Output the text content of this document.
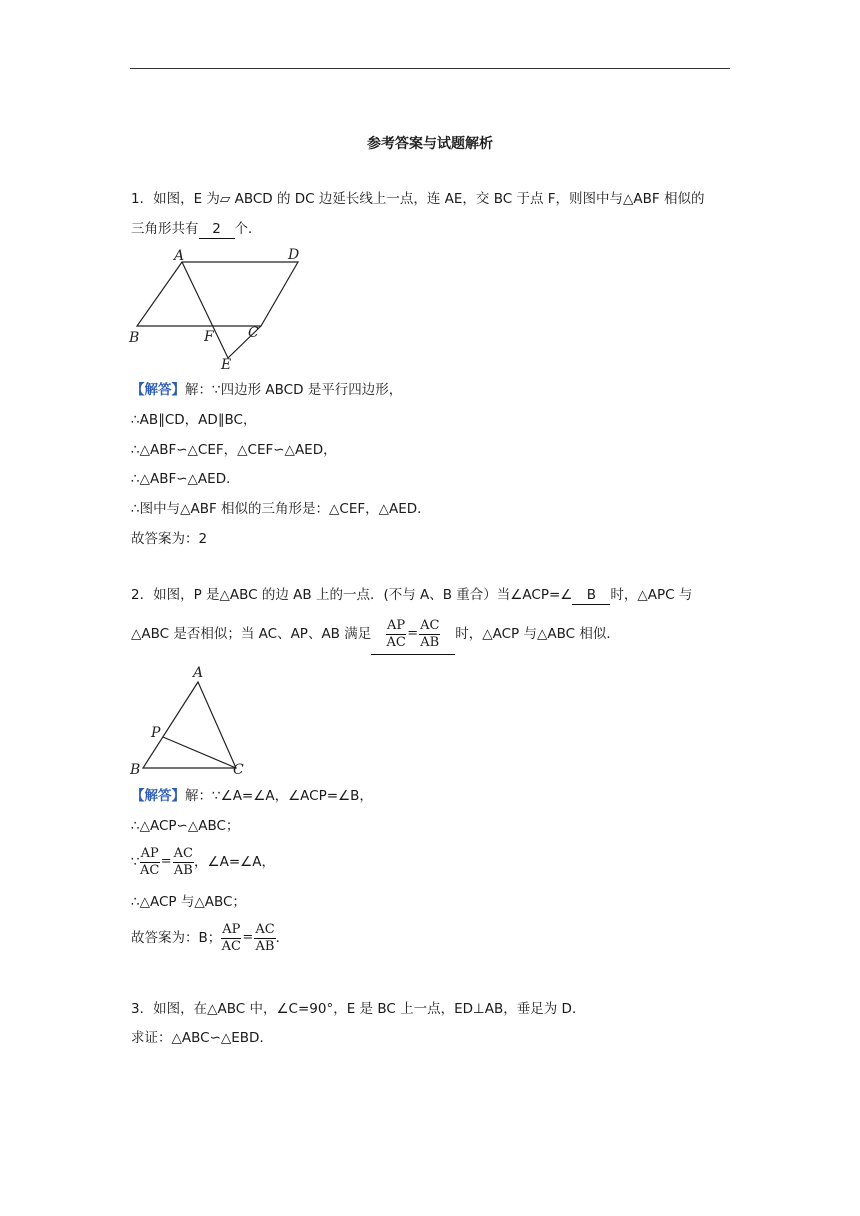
参考答案与试题解析
1．如图，E 为▱ ABCD 的 DC 边延长线上一点，连 AE，交 BC 于点 F，则图中与△ABF 相似的
三角形共有 2 个．
A	D
B	F C
E
【解答】解：∵四边形 ABCD 是平行四边形，
∴AB∥CD，AD∥BC，
∴△ABF∽△CEF，△CEF∽△AED，
∴△ABF∽△AED．
∴图中与△ABF 相似的三角形是：△CEF，△AED．
故答案为：2
2．如图，P 是△ABC 的边 AB 上的一点．(不与 A、B 重合）当∠ACP=∠ B 时，△APC 与
△ABC 是否相似；当 AC、AP、AB 满足 $\frac{AP}{AC} = \frac{AC}{AB}$ 时，△ACP 与△ABC 相似．
A
P
B	C
【解答】解：∵∠A=∠A，∠ACP=∠B，
∴△ACP∽△ABC；
∵ $\frac{AP}{AC} = \frac{AC}{AB}$ ，∠A=∠A，
∴△ACP 与△ABC；
故答案为：B； $\frac{AP}{AC} = \frac{AC}{AB}$ ．
3．如图，在△ABC 中，∠C=90°，E 是 BC 上一点，ED⊥AB，垂足为 D．
求证：△ABC∽△EBD．
